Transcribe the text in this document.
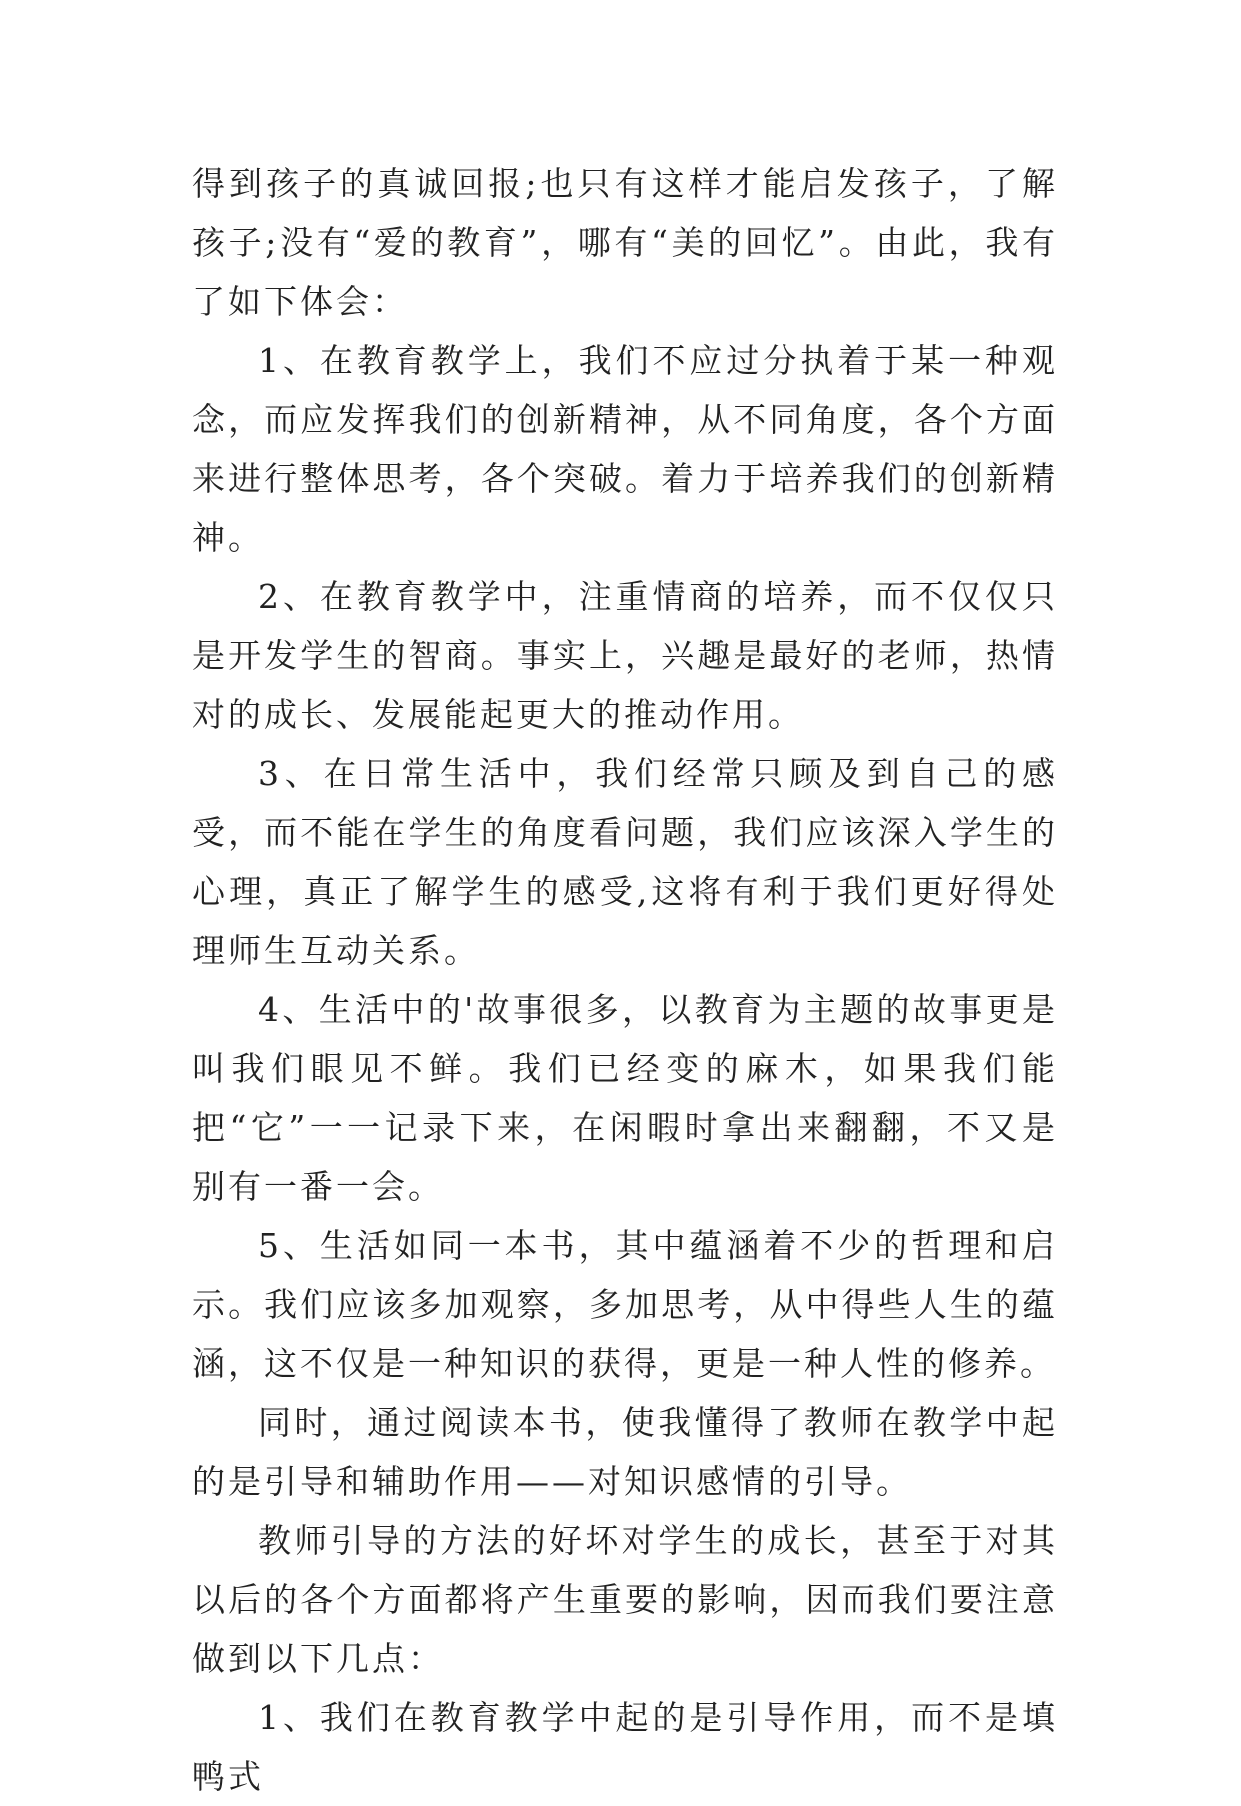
得到孩子的真诚回报;也只有这样才能启发孩子，了解孩子;没有“爱的教育”，哪有“美的回忆”。由此，我有了如下体会：

1、在教育教学上，我们不应过分执着于某一种观念，而应发挥我们的创新精神，从不同角度，各个方面来进行整体思考，各个突破。着力于培养我们的创新精神。

2、在教育教学中，注重情商的培养，而不仅仅只是开发学生的智商。事实上，兴趣是最好的老师，热情对的成长、发展能起更大的推动作用。

3、在日常生活中，我们经常只顾及到自己的感受，而不能在学生的角度看问题，我们应该深入学生的心理，真正了解学生的感受,这将有利于我们更好得处理师生互动关系。

4、生活中的'故事很多，以教育为主题的故事更是叫我们眼见不鲜。我们已经变的麻木，如果我们能把“它”一一记录下来，在闲暇时拿出来翻翻，不又是别有一番一会。

5、生活如同一本书，其中蕴涵着不少的哲理和启示。我们应该多加观察，多加思考，从中得些人生的蕴涵，这不仅是一种知识的获得，更是一种人性的修养。

同时，通过阅读本书，使我懂得了教师在教学中起的是引导和辅助作用——对知识感情的引导。

教师引导的方法的好坏对学生的成长，甚至于对其以后的各个方面都将产生重要的影响，因而我们要注意做到以下几点：

1、我们在教育教学中起的是引导作用，而不是填鸭式
